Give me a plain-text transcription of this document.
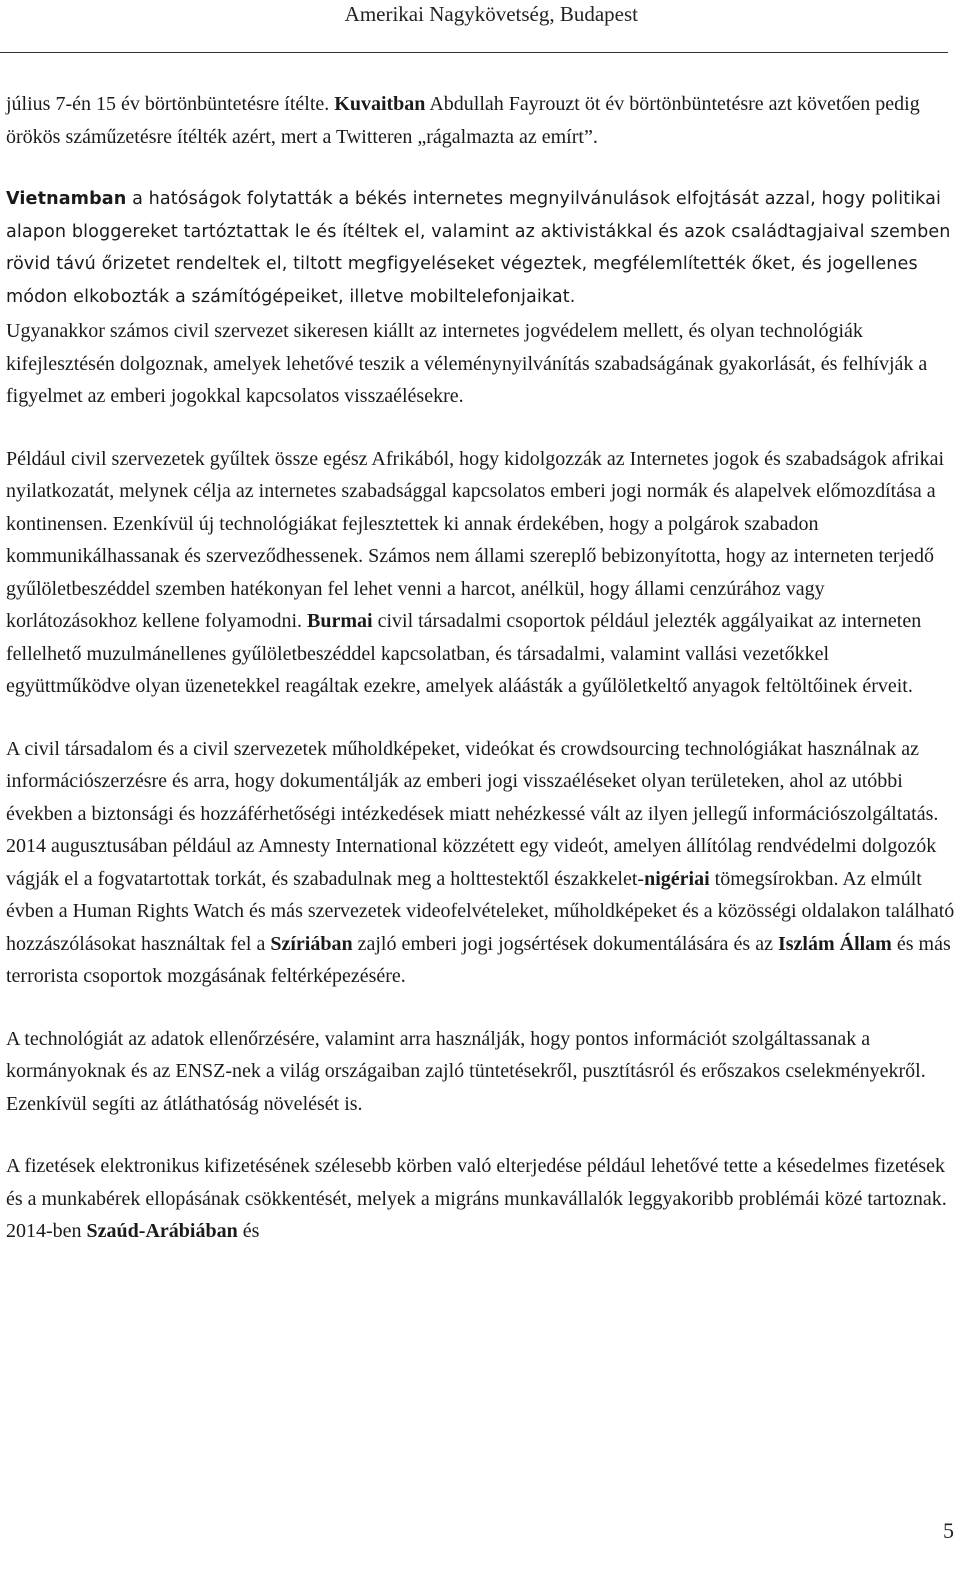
Amerikai Nagykövetség, Budapest

július 7-én 15 év börtönbüntetésre ítélte. Kuvaitban Abdullah Fayrouzt öt év börtönbüntetésre azt követően pedig örökös száműzetésre ítélték azért, mert a Twitteren „rágalmazta az emírt”.

Vietnamban a hatóságok folytatták a békés internetes megnyilvánulások elfojtását azzal, hogy politikai alapon bloggereket tartóztattak le és ítéltek el, valamint az aktivistákkal és azok családtagjaival szemben rövid távú őrizetet rendeltek el, tiltott megfigyeléseket végeztek, megfélemlítették őket, és jogellenes módon elkobozták a számítógépeiket, illetve mobiltelefonjaikat.

Ugyanakkor számos civil szervezet sikeresen kiállt az internetes jogvédelem mellett, és olyan technológiák kifejlesztésén dolgoznak, amelyek lehetővé teszik a véleménynyilvánítás szabadságának gyakorlását, és felhívják a figyelmet az emberi jogokkal kapcsolatos visszaélésekre.

Például civil szervezetek gyűltek össze egész Afrikából, hogy kidolgozzák az Internetes jogok és szabadságok afrikai nyilatkozatát, melynek célja az internetes szabadsággal kapcsolatos emberi jogi normák és alapelvek előmozdítása a kontinensen. Ezenkívül új technológiákat fejlesztettek ki annak érdekében, hogy a polgárok szabadon kommunikálhassanak és szerveződhessenek. Számos nem állami szereplő bebizonyította, hogy az interneten terjedő gyűlöletbeszéddel szemben hatékonyan fel lehet venni a harcot, anélkül, hogy állami cenzúrához vagy korlátozásokhoz kellene folyamodni. Burmai civil társadalmi csoportok például jelezték aggályaikat az interneten fellelhető muzulmánellenes gyűlöletbeszéddel kapcsolatban, és társadalmi, valamint vallási vezetőkkel együttműködve olyan üzenetekkel reagáltak ezekre, amelyek aláásták a gyűlöletkeltő anyagok feltöltőinek érveit.

A civil társadalom és a civil szervezetek műholdképeket, videókat és crowdsourcing technológiákat használnak az információszerzésre és arra, hogy dokumentálják az emberi jogi visszaéléseket olyan területeken, ahol az utóbbi években a biztonsági és hozzáférhetőségi intézkedések miatt nehézkessé vált az ilyen jellegű információszolgáltatás. 2014 augusztusában például az Amnesty International közzétett egy videót, amelyen állítólag rendvédelmi dolgozók vágják el a fogvatartottak torkát, és szabadulnak meg a holttestektől északkelet-nigériai tömegsírokban. Az elmúlt évben a Human Rights Watch és más szervezetek videofelvételeket, műholdképeket és a közösségi oldalakon található hozzászólásokat használtak fel a Szíriában zajló emberi jogi jogsértések dokumentálására és az Iszlám Állam és más terrorista csoportok mozgásának feltérképezésére.

A technológiát az adatok ellenőrzésére, valamint arra használják, hogy pontos információt szolgáltassanak a kormányoknak és az ENSZ-nek a világ országaiban zajló tüntetésekről, pusztításról és erőszakos cselekményekről. Ezenkívül segíti az átláthatóság növelését is.

A fizetések elektronikus kifizetésének szélesebb körben való elterjedése például lehetővé tette a késedelmes fizetések és a munkabérek ellopásának csökkentését, melyek a migráns munkavállalók leggyakoribb problémái közé tartoznak. 2014-ben Szaúd-Arábiában és

5
